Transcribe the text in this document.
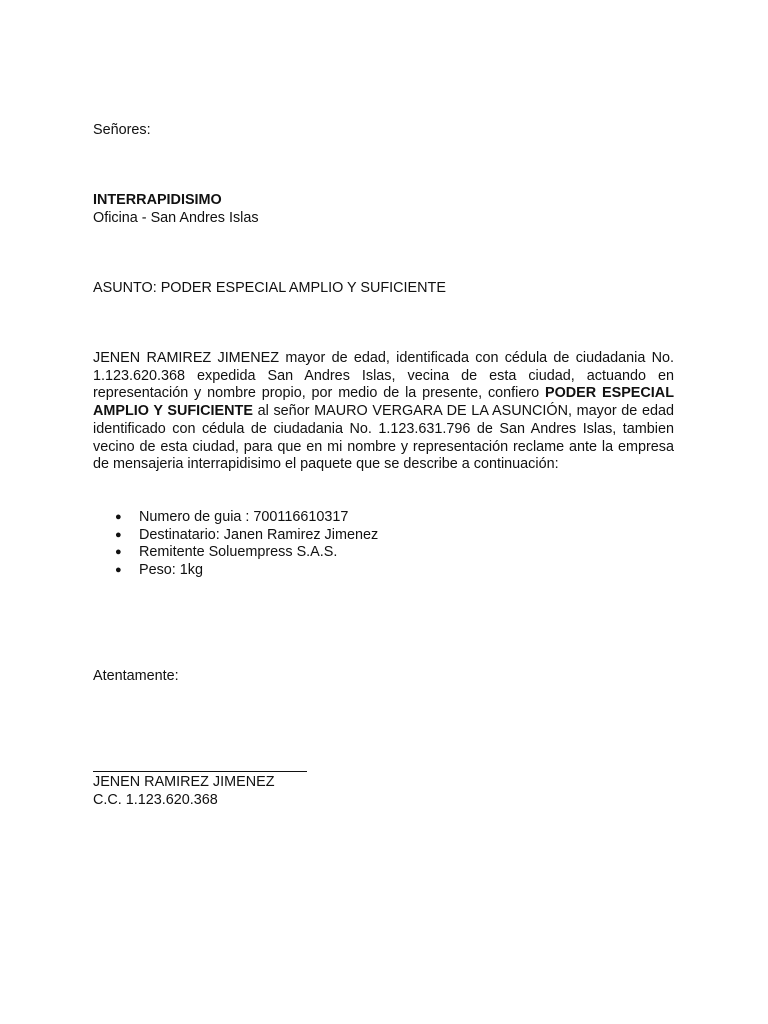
Señores:
INTERRAPIDISIMO
Oficina - San Andres Islas
ASUNTO: PODER ESPECIAL AMPLIO Y SUFICIENTE
JENEN RAMIREZ JIMENEZ mayor de edad, identificada con cédula de ciudadania No. 1.123.620.368 expedida San Andres Islas, vecina de esta ciudad, actuando en representación y nombre propio, por medio de la presente, confiero PODER ESPECIAL AMPLIO Y SUFICIENTE al señor MAURO VERGARA DE LA ASUNCIÓN, mayor de edad identificado con cédula de ciudadania No. 1.123.631.796 de San Andres Islas, tambien vecino de esta ciudad, para que en mi nombre y representación reclame ante la empresa de mensajeria interrapidisimo el paquete que se describe a continuación:
● Numero de guia : 700116610317
● Destinatario: Janen Ramirez Jimenez
● Remitente Soluempress S.A.S.
● Peso: 1kg
Atentamente:
JENEN RAMIREZ JIMENEZ
C.C. 1.123.620.368
